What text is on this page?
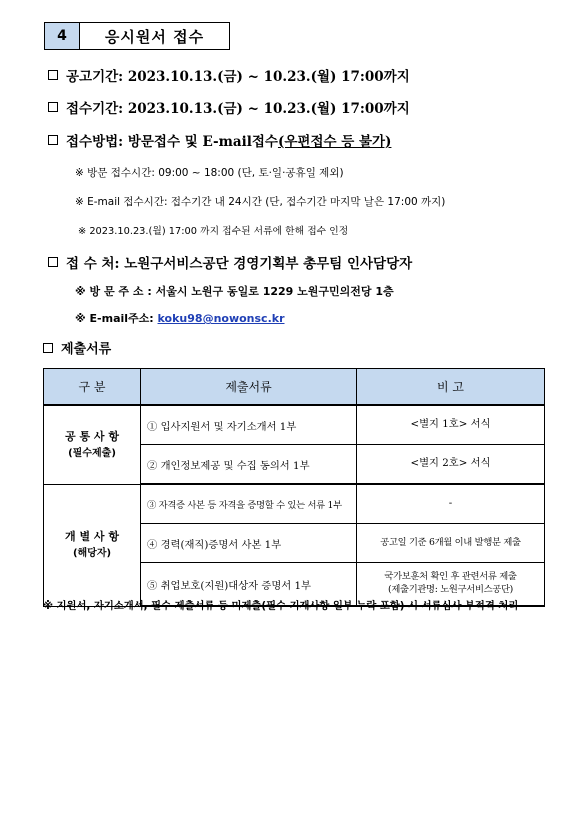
4	응시원서 접수
공고기간: 2023.10.13.(금) ~ 10.23.(월) 17:00까지
접수기간: 2023.10.13.(금) ~ 10.23.(월) 17:00까지
접수방법: 방문접수 및 E-mail접수 (우편접수 등 불가)
※ 방문 접수시간: 09:00 ~ 18:00 (단, 토·일·공휴일 제외)
※ E-mail 접수시간: 접수기간 내 24시간 (단, 접수기간 마지막 날은 17:00 까지)
※ 2023.10.23.(월) 17:00 까지 접수된 서류에 한해 접수 인정
접 수 처: 노원구서비스공단 경영기획부 총무팀 인사담당자
※ 방 문 주 소 : 서울시 노원구 동일로 1229 노원구민의전당 1층
※ E-mail주소: koku98@nowonsc.kr
제출서류
구 분	제출서류	비 고

공 통 사 항
(필수제출)	① 입사지원서 및 자기소개서 1부	<별지 1호> 서식
	② 개인정보제공 및 수집 동의서 1부	<별지 2호> 서식

개 별 사 항
(해당자)	③ 자격증 사본 등 자격을 증명할 수 있는 서류 1부	-
	④ 경력(재직)증명서 사본 1부	공고일 기준 6개월 이내 발행분 제출
	⑤ 취업보호(지원)대상자 증명서 1부	국가보훈처 확인 후 관련서류 제출
(제출기관명: 노원구서비스공단)
※ 지원서, 자기소개서, 필수 제출서류 등 미제출(필수 기재사항 일부 누락 포함) 시 서류심사 부적격 처리
